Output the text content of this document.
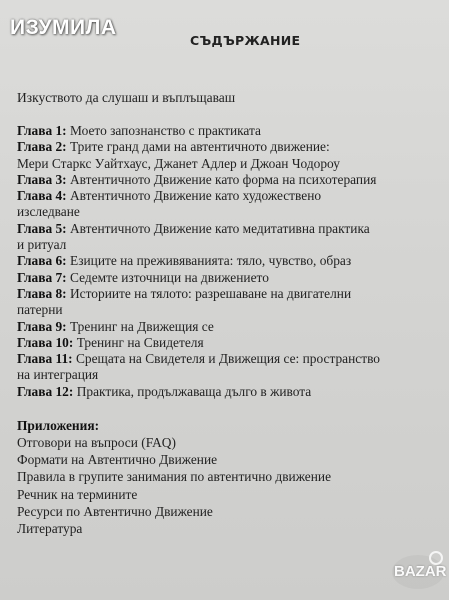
ИЗУМИЛА
СЪДЪРЖАНИЕ
Изкуството да слушаш и въплъщаваш
Глава 1: Моето запознанство с практиката
Глава 2: Трите гранд дами на автентичното движение:
Мери Старкс Уайтхаус, Джанет Адлер и Джоан Чодороу
Глава 3: Автентичното Движение като форма на психотерапия
Глава 4: Автентичното Движение като художествено
изследване
Глава 5: Автентичното Движение като медитативна практика
и ритуал
Глава 6: Езиците на преживяванията: тяло, чувство, образ
Глава 7: Седемте източници на движението
Глава 8: Историите на тялото: разрешаване на двигателни
патерни
Глава 9: Тренинг на Движещия се
Глава 10: Тренинг на Свидетеля
Глава 11: Срещата на Свидетеля и Движещия се: пространство
на интеграция
Глава 12: Практика, продължаваща дълго в живота
Приложения:
Отговори на въпроси (FAQ)
Формати на Автентично Движение
Правила в групите занимания по автентично движение
Речник на термините
Ресурси по Автентично Движение
Литература
BAZAR
